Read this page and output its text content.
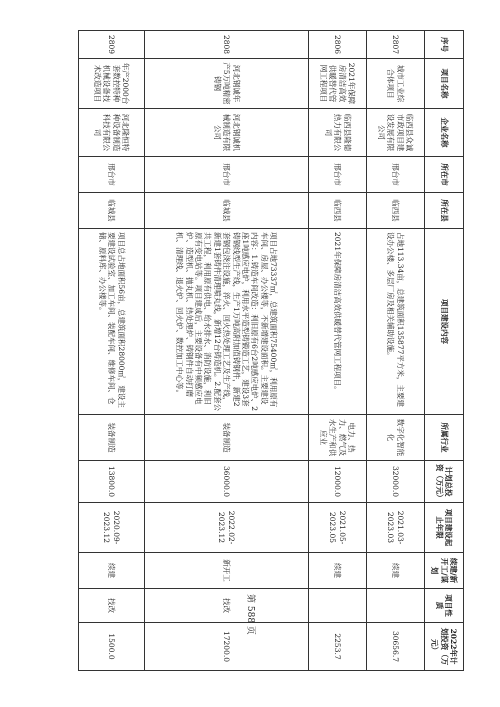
序号	项目名称	企业名称	所在市	所在县	项目建设内容	所属行业	计划总投资（万元）	项目建设起止年限	续建/新开工/谋划	项目性质	2022年计划投资（万元）
2807	城市工业综合体项目	临西县众诚市政项目建设发展有限公司	邢台市	临西县	占地113.34亩，总建筑面积135877平方米，主要建设办公楼、多层厂房及相关辅助设施。	数字化智能化	32000.0	2021.03-2023.03	续建		30656.7
2806	2021年保障房清洁高效供暖替代管网工程项目	临西县隆德热力有限公司	邢台市	临西县	2021年保障房清洁高效供暖替代管网工程项目。	电力、热力、燃气及水生产和供应业	12000.0	2021.05-2023.05	续建		2253.7
2808	河北钢诚年产5万吨精密铸钢	河北钢诚机械制造有限公司	邢台市	临城县	项目占地73337㎡，总建筑面积75400㎡，利用原有车间、房屋、办公楼等，不新增建设面积。主要建设内容：1.铸造车间改造：利旧原有6台2吨感应电炉、2座1吨感应电炉，利用水平造型铸锻造工艺，建设3套铸钢线型生产线，生产1万吨高附加值铸钢件，新建2套钢包浇注设施，淬火、回火热处理工艺及生产线，新建1套铸件清理喷丸线，新增12台铸造机。2.配套公共工程，利用原有供电、给水排水、消防设施，利旧原有变电站等。项目建成后，主要设备有中频感应电炉、造型机、抛丸机、热处理炉、铸钢件自动打磨机、清理线、退火炉、回火炉、数控加工中心等。	装备制造	36000.0	2022.02-2023.12	新开工	技改	17200.0
2809	年产2000台套数控特种机械设备技术改造项目	河北隆恒特种设备制造科技有限公司	邢台市	临城县	项目总占地面积56亩，总建筑面积28000㎡，建设主要建设试验室、加工车间、装配车间、维修车间、仓储、原料库、办公楼等。	装备制造	13800.0	2020.09-2023.12	续建	技改	1500.0
第 588 页
